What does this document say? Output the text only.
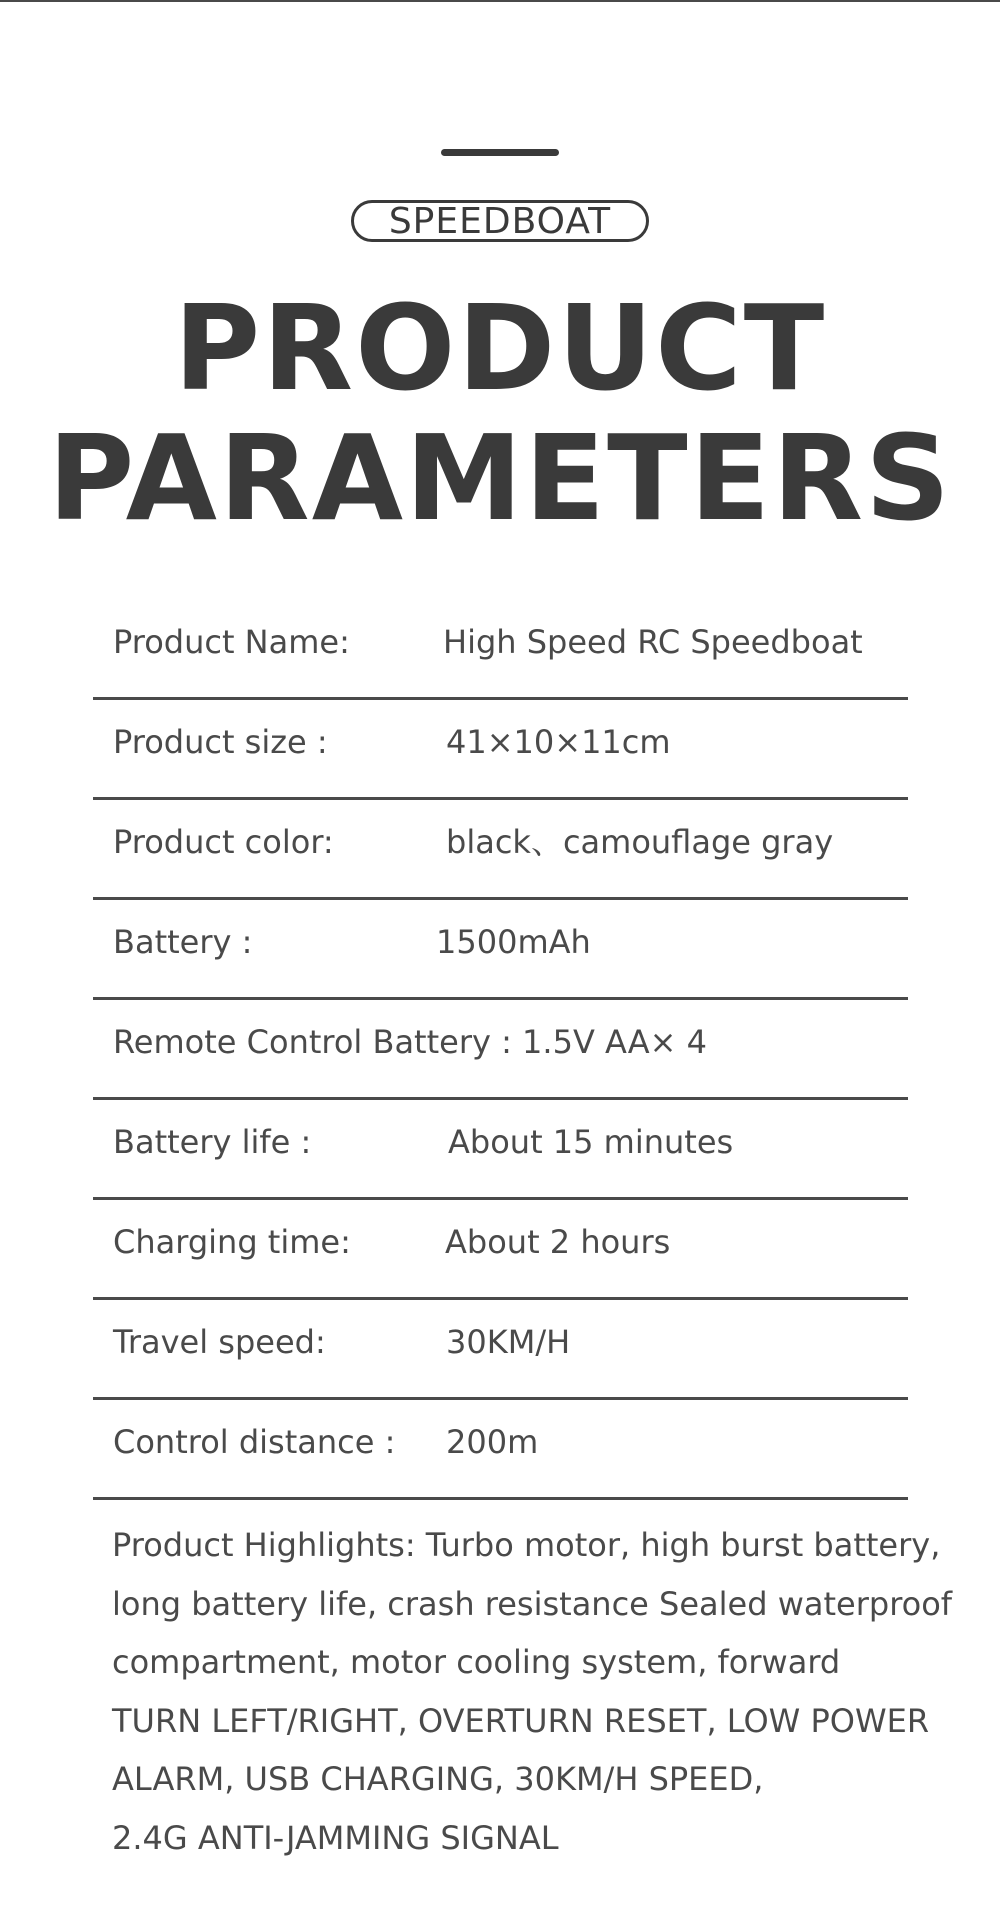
SPEEDBOAT
PRODUCT
PARAMETERS
Product Name:	High Speed RC Speedboat
Product size :	41×10×11cm
Product color:	black、camouflage gray
Battery :	1500mAh
Remote Control Battery : 1.5V AA× 4
Battery life :	About 15 minutes
Charging time:	About 2 hours
Travel speed:	30KM/H
Control distance : 200m
Product Highlights: Turbo motor, high burst battery,
long battery life, crash resistance Sealed waterproof
compartment, motor cooling system, forward
TURN LEFT/RIGHT, OVERTURN RESET, LOW POWER
ALARM, USB CHARGING, 30KM/H SPEED,
2.4G ANTI-JAMMING SIGNAL
